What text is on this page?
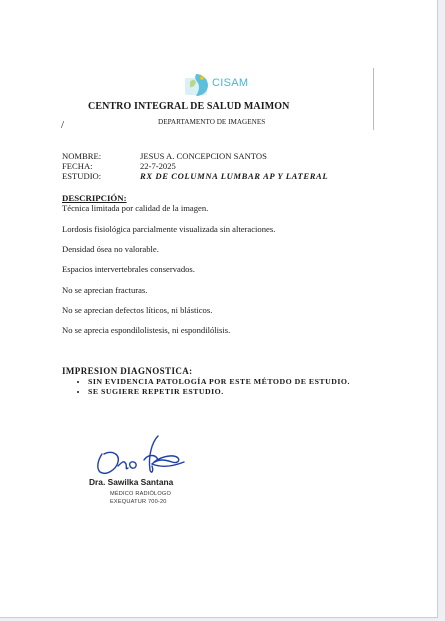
CISAM
CENTRO INTEGRAL DE SALUD MAIMON
DEPARTAMENTO DE IMAGENES
/
NOMBRE:	JESUS A. CONCEPCION SANTOS
FECHA:	22-7-2025
ESTUDIO:	RX DE COLUMNA LUMBAR AP Y LATERAL
DESCRIPCIÓN:
Técnica limitada por calidad de la imagen.
Lordosis fisiológica parcialmente visualizada sin alteraciones.
Densidad ósea no valorable.
Espacios intervertebrales conservados.
No se aprecian fracturas.
No se aprecian defectos líticos, ni blásticos.
No se aprecia espondilolistesis, ni espondilólisis.
IMPRESION DIAGNOSTICA:
• SIN EVIDENCIA PATOLOGÍA POR ESTE MÉTODO DE ESTUDIO.
• SE SUGIERE REPETIR ESTUDIO.
Dra. Sawilka Santana
MÉDICO RADIÓLOGO
EXEQUATUR 700-20
